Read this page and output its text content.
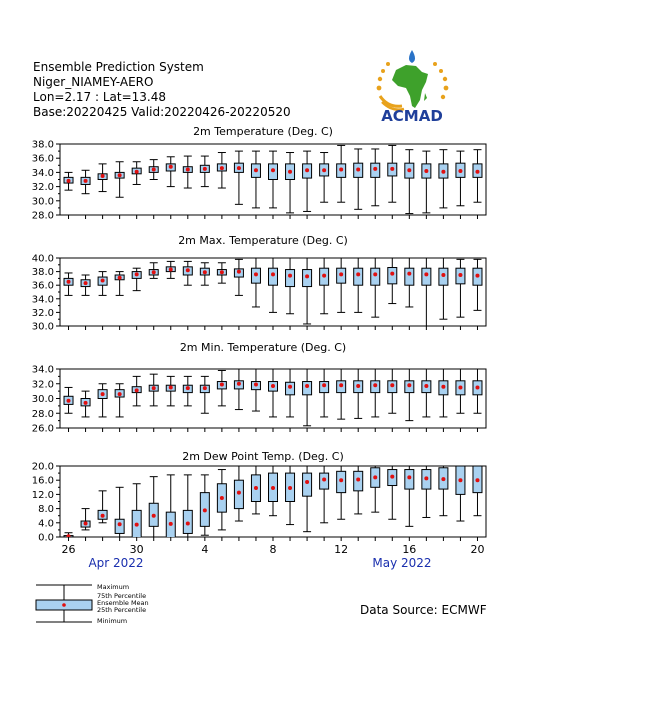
Ensemble Prediction System
Niger_NIAMEY-AERO
Lon=2.17 : Lat=13.48
Base:20220425 Valid:20220426-20220520	ACMAD
2m Temperature (Deg. C)
28.0
30.0
32.0
34.0
36.0
38.0
2m Max. Temperature (Deg. C)
30.0
32.0
34.0
36.0
38.0
40.0
2m Min. Temperature (Deg. C)
26.0
28.0
30.0
32.0
34.0
2m Dew Point Temp. (Deg. C)
0.0
4.0
8.0
12.0
16.0
20.0
26	30	4	8	12	16	20
Apr 2022	May 2022
Maximum
75th Percentile
Ensemble Mean
25th Percentile
Minimum
Data Source: ECMWF
